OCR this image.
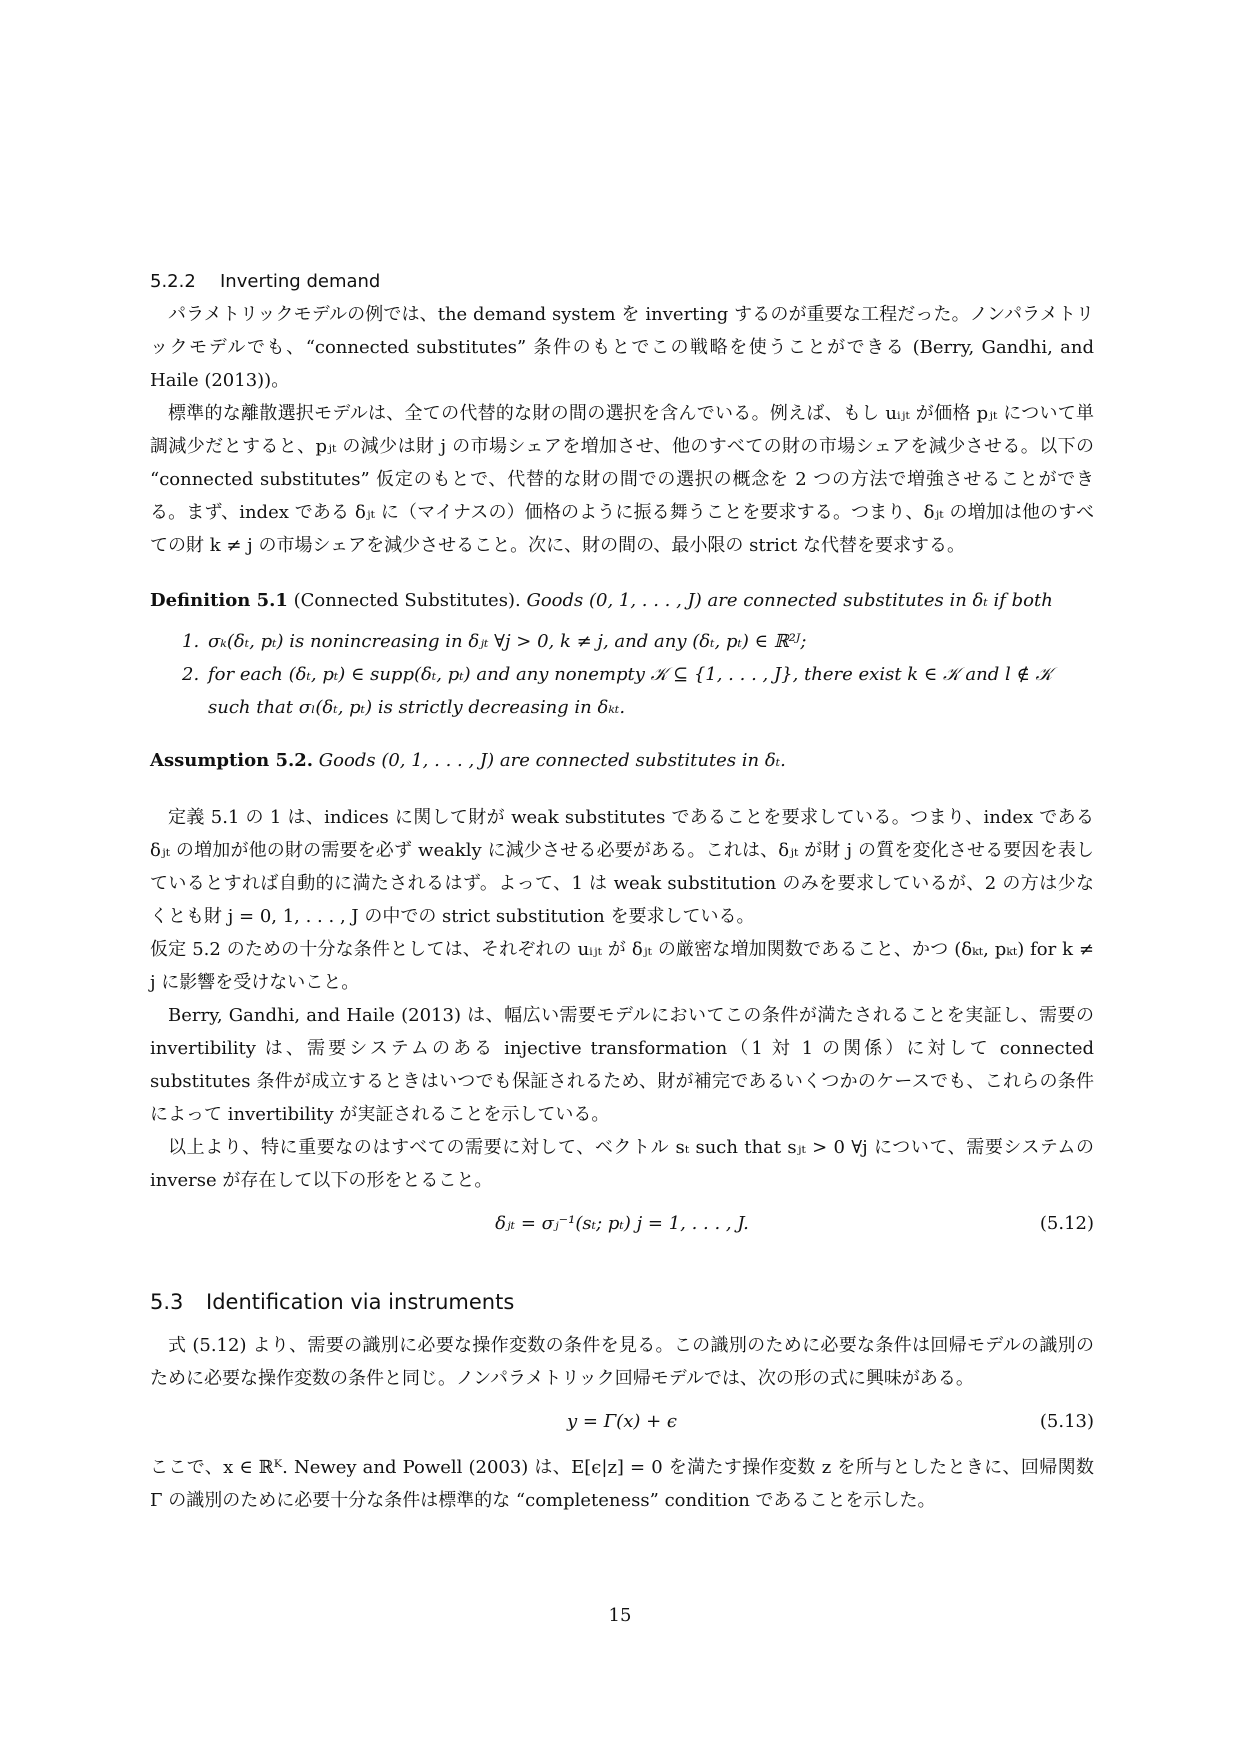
5.2.2 Inverting demand

パラメトリックモデルの例では、the demand system を inverting するのが重要な工程だった。ノンパラメトリックモデルでも、“connected substitutes” 条件のもとでこの戦略を使うことができる (Berry, Gandhi, and Haile (2013))。

標準的な離散選択モデルは、全ての代替的な財の間の選択を含んでいる。例えば、もし uᵢⱼₜ が価格 pⱼₜ について単調減少だとすると、pⱼₜ の減少は財 j の市場シェアを増加させ、他のすべての財の市場シェアを減少させる。以下の “connected substitutes” 仮定のもとで、代替的な財の間での選択の概念を 2 つの方法で増強させることができる。まず、index である δⱼₜ に（マイナスの）価格のように振る舞うことを要求する。つまり、δⱼₜ の増加は他のすべての財 k ≠ j の市場シェアを減少させること。次に、財の間の、最小限の strict な代替を要求する。

Definition 5.1 (Connected Substitutes). Goods (0, 1, . . . , J) are connected substitutes in δₜ if both
1. σₖ(δₜ, pₜ) is nonincreasing in δⱼₜ ∀j > 0, k ≠ j, and any (δₜ, pₜ) ∈ ℝ²ᴶ;
2. for each (δₜ, pₜ) ∈ supp(δₜ, pₜ) and any nonempty 𝒦 ⊆ {1, . . . , J}, there exist k ∈ 𝒦 and l ∉ 𝒦 such that σₗ(δₜ, pₜ) is strictly decreasing in δₖₜ.
Assumption 5.2. Goods (0, 1, . . . , J) are connected substitutes in δₜ.

定義 5.1 の 1 は、indices に関して財が weak substitutes であることを要求している。つまり、index である δⱼₜ の増加が他の財の需要を必ず weakly に減少させる必要がある。これは、δⱼₜ が財 j の質を変化させる要因を表しているとすれば自動的に満たされるはず。よって、1 は weak substitution のみを要求しているが、2 の方は少なくとも財 j = 0, 1, . . . , J の中での strict substitution を要求している。

仮定 5.2 のための十分な条件としては、それぞれの uᵢⱼₜ が δⱼₜ の厳密な増加関数であること、かつ (δₖₜ, pₖₜ) for k ≠ j に影響を受けないこと。

Berry, Gandhi, and Haile (2013) は、幅広い需要モデルにおいてこの条件が満たされることを実証し、需要の invertibility は、需要システムのある injective transformation（1 対 1 の関係）に対して connected substitutes 条件が成立するときはいつでも保証されるため、財が補完であるいくつかのケースでも、これらの条件によって invertibility が実証されることを示している。

以上より、特に重要なのはすべての需要に対して、ベクトル sₜ such that sⱼₜ > 0 ∀j について、需要システムの inverse が存在して以下の形をとること。

δⱼₜ = σⱼ⁻¹(sₜ; pₜ) j = 1, . . . , J.	(5.12)
5.3 Identification via instruments

式 (5.12) より、需要の識別に必要な操作変数の条件を見る。この識別のために必要な条件は回帰モデルの識別のために必要な操作変数の条件と同じ。ノンパラメトリック回帰モデルでは、次の形の式に興味がある。

y = Γ(x) + ϵ	(5.13)

ここで、x ∈ ℝᴷ. Newey and Powell (2003) は、E[ϵ|z] = 0 を満たす操作変数 z を所与としたときに、回帰関数 Γ の識別のために必要十分な条件は標準的な “completeness” condition であることを示した。

15
